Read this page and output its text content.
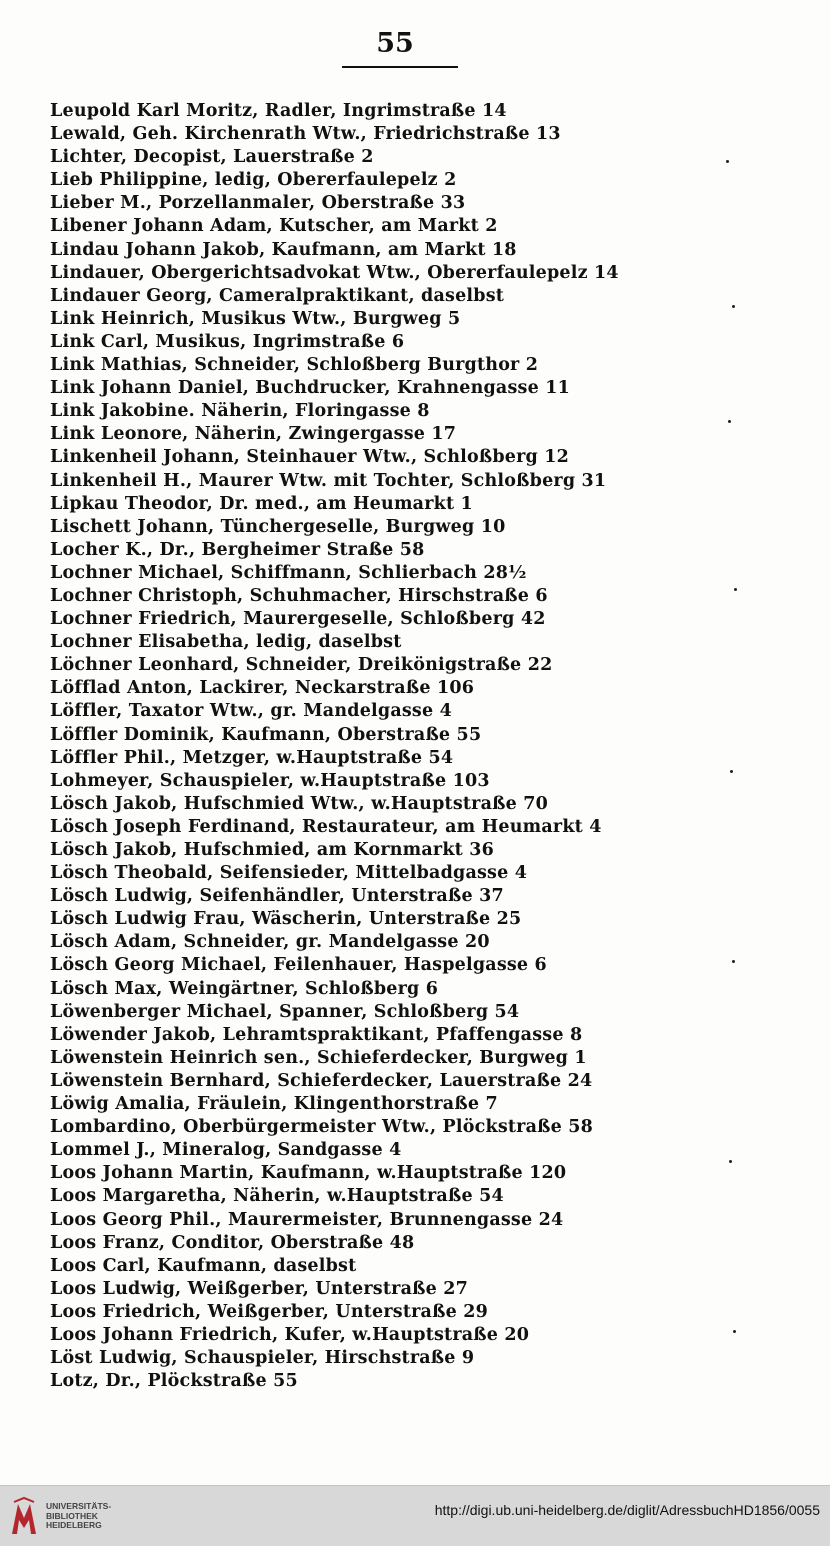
55
Leupold Karl Moritz, Radler, Ingrimstraße 14
Lewald, Geh. Kirchenrath Wtw., Friedrichstraße 13
Lichter, Decopist, Lauerstraße 2
Lieb Philippine, ledig, Obererfaulepelz 2
Lieber M., Porzellanmaler, Oberstraße 33
Libener Johann Adam, Kutscher, am Markt 2
Lindau Johann Jakob, Kaufmann, am Markt 18
Lindauer, Obergerichtsadvokat Wtw., Obererfaulepelz 14
Lindauer Georg, Cameralpraktikant, daselbst
Link Heinrich, Musikus Wtw., Burgweg 5
Link Carl, Musikus, Ingrimstraße 6
Link Mathias, Schneider, Schloßberg Burgthor 2
Link Johann Daniel, Buchdrucker, Krahnengasse 11
Link Jakobine. Näherin, Floringasse 8
Link Leonore, Näherin, Zwingergasse 17
Linkenheil Johann, Steinhauer Wtw., Schloßberg 12
Linkenheil H., Maurer Wtw. mit Tochter, Schloßberg 31
Lipkau Theodor, Dr. med., am Heumarkt 1
Lischett Johann, Tünchergeselle, Burgweg 10
Locher K., Dr., Bergheimer Straße 58
Lochner Michael, Schiffmann, Schlierbach 28½
Lochner Christoph, Schuhmacher, Hirschstraße 6
Lochner Friedrich, Maurergeselle, Schloßberg 42
Lochner Elisabetha, ledig, daselbst
Löchner Leonhard, Schneider, Dreikönigstraße 22
Löfflad Anton, Lackirer, Neckarstraße 106
Löffler, Taxator Wtw., gr. Mandelgasse 4
Löffler Dominik, Kaufmann, Oberstraße 55
Löffler Phil., Metzger, w.Hauptstraße 54
Lohmeyer, Schauspieler, w.Hauptstraße 103
Lösch Jakob, Hufschmied Wtw., w.Hauptstraße 70
Lösch Joseph Ferdinand, Restaurateur, am Heumarkt 4
Lösch Jakob, Hufschmied, am Kornmarkt 36
Lösch Theobald, Seifensieder, Mittelbadgasse 4
Lösch Ludwig, Seifenhändler, Unterstraße 37
Lösch Ludwig Frau, Wäscherin, Unterstraße 25
Lösch Adam, Schneider, gr. Mandelgasse 20
Lösch Georg Michael, Feilenhauer, Haspelgasse 6
Lösch Max, Weingärtner, Schloßberg 6
Löwenberger Michael, Spanner, Schloßberg 54
Löwender Jakob, Lehramtspraktikant, Pfaffengasse 8
Löwenstein Heinrich sen., Schieferdecker, Burgweg 1
Löwenstein Bernhard, Schieferdecker, Lauerstraße 24
Löwig Amalia, Fräulein, Klingenthorstraße 7
Lombardino, Oberbürgermeister Wtw., Plöckstraße 58
Lommel J., Mineralog, Sandgasse 4
Loos Johann Martin, Kaufmann, w.Hauptstraße 120
Loos Margaretha, Näherin, w.Hauptstraße 54
Loos Georg Phil., Maurermeister, Brunnengasse 24
Loos Franz, Conditor, Oberstraße 48
Loos Carl, Kaufmann, daselbst
Loos Ludwig, Weißgerber, Unterstraße 27
Loos Friedrich, Weißgerber, Unterstraße 29
Loos Johann Friedrich, Kufer, w.Hauptstraße 20
Löst Ludwig, Schauspieler, Hirschstraße 9
Lotz, Dr., Plöckstraße 55
UNIVERSITÄTS-
BIBLIOTHEK
HEIDELBERG
http://digi.ub.uni-heidelberg.de/diglit/AdressbuchHD1856/0055
